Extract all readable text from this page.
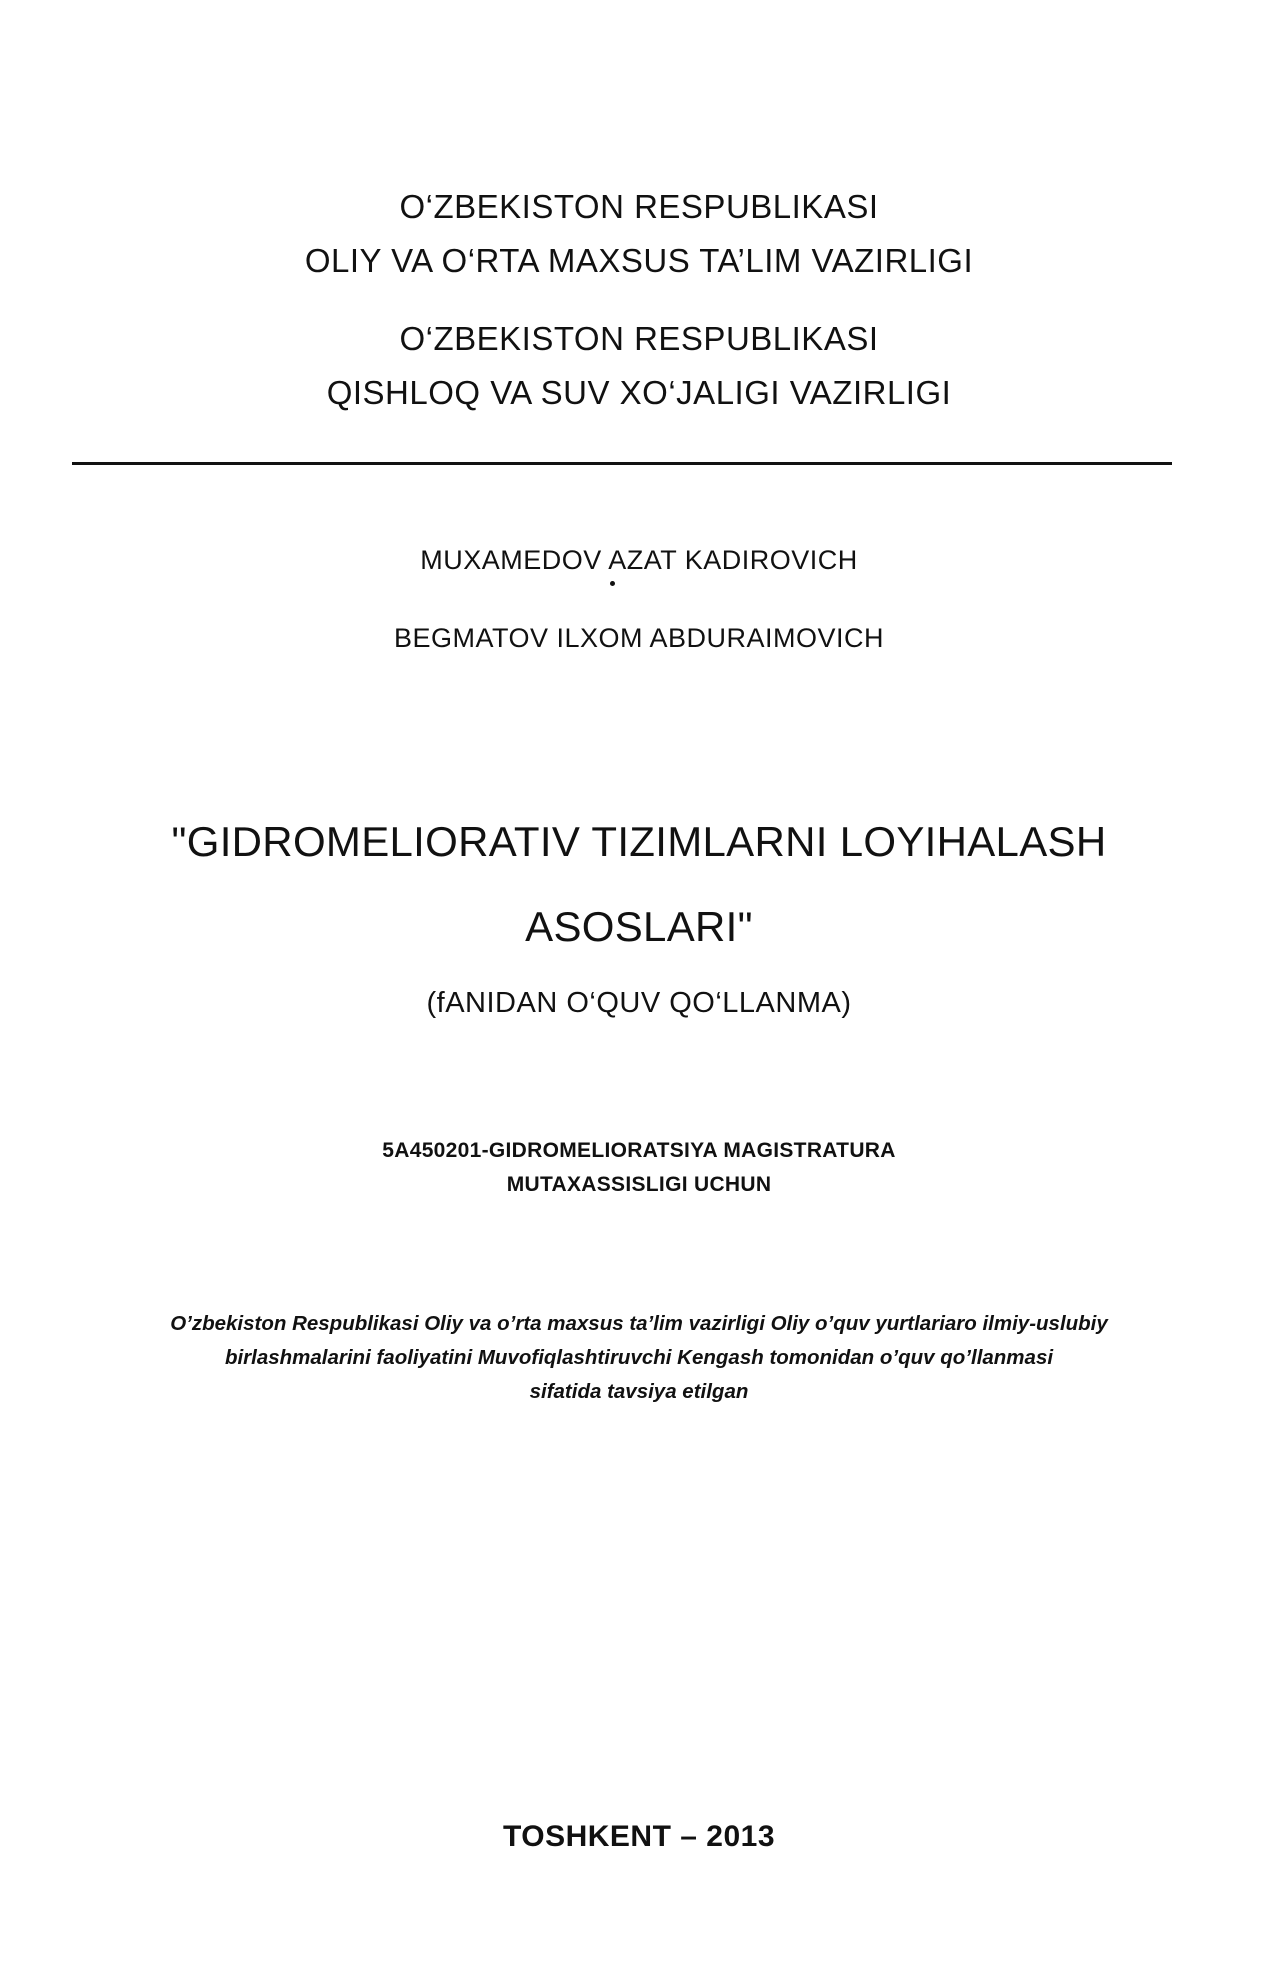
O‘ZBEKISTON RESPUBLIKASI
OLIY VA O‘RTA MAXSUS TA’LIM VAZIRLIGI
O‘ZBEKISTON RESPUBLIKASI
QISHLOQ VA SUV XO‘JALIGI VAZIRLIGI
MUXAMEDOV AZAT KADIROVICH
BEGMATOV ILXOM ABDURAIMOVICH
"GIDROMELIORATIV TIZIMLARNI LOYIHALASH
ASOSLARI"
(fANIDAN O‘QUV QO‘LLANMA)
5A450201-GIDROMELIORATSIYA MAGISTRATURA
MUTAXASSISLIGI UCHUN
O’zbekiston Respublikasi Oliy va o’rta maxsus ta’lim vazirligi Oliy o’quv yurtlariaro ilmiy-uslubiy
birlashmalarini faoliyatini Muvofiqlashtiruvchi Kengash tomonidan o’quv qo’llanmasi
sifatida tavsiya etilgan
TOSHKENT – 2013
